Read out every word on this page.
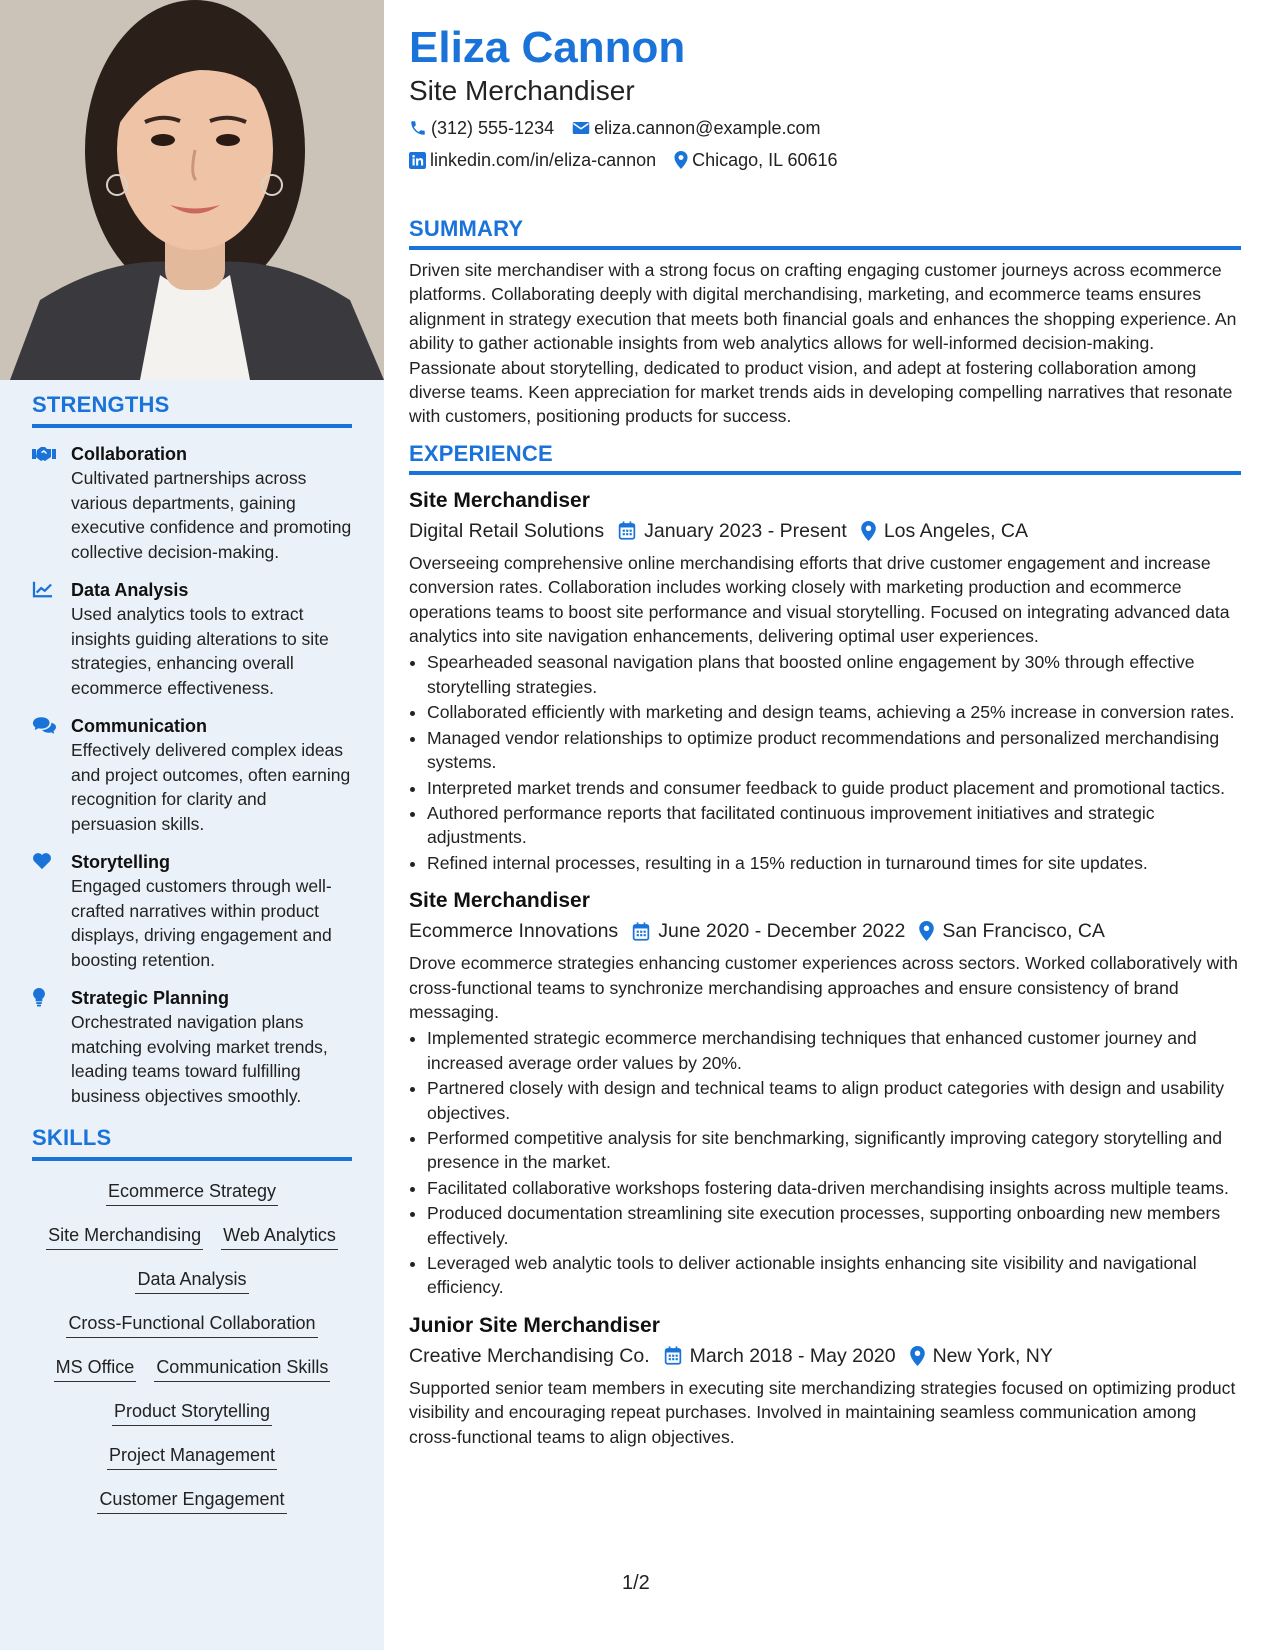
STRENGTHS
Collaboration
Cultivated partnerships across various departments, gaining executive confidence and promoting collective decision-making.
Data Analysis
Used analytics tools to extract insights guiding alterations to site strategies, enhancing overall ecommerce effectiveness.
Communication
Effectively delivered complex ideas and project outcomes, often earning recognition for clarity and persuasion skills.
Storytelling
Engaged customers through well-crafted narratives within product displays, driving engagement and boosting retention.
Strategic Planning
Orchestrated navigation plans matching evolving market trends, leading teams toward fulfilling business objectives smoothly.
SKILLS
Ecommerce Strategy
Site Merchandising Web Analytics
Data Analysis
Cross-Functional Collaboration
MS Office Communication Skills
Product Storytelling
Project Management
Customer Engagement
Eliza Cannon
Site Merchandiser
(312) 555-1234 eliza.cannon@example.com
linkedin.com/in/eliza-cannon Chicago, IL 60616
SUMMARY
Driven site merchandiser with a strong focus on crafting engaging customer journeys across ecommerce platforms. Collaborating deeply with digital merchandising, marketing, and ecommerce teams ensures alignment in strategy execution that meets both financial goals and enhances the shopping experience. An ability to gather actionable insights from web analytics allows for well-informed decision-making. Passionate about storytelling, dedicated to product vision, and adept at fostering collaboration among diverse teams. Keen appreciation for market trends aids in developing compelling narratives that resonate with customers, positioning products for success.
EXPERIENCE
Site Merchandiser
Digital Retail Solutions January 2023 - Present Los Angeles, CA
Overseeing comprehensive online merchandising efforts that drive customer engagement and increase conversion rates. Collaboration includes working closely with marketing production and ecommerce operations teams to boost site performance and visual storytelling. Focused on integrating advanced data analytics into site navigation enhancements, delivering optimal user experiences.
• Spearheaded seasonal navigation plans that boosted online engagement by 30% through effective storytelling strategies.
• Collaborated efficiently with marketing and design teams, achieving a 25% increase in conversion rates.
• Managed vendor relationships to optimize product recommendations and personalized merchandising systems.
• Interpreted market trends and consumer feedback to guide product placement and promotional tactics.
• Authored performance reports that facilitated continuous improvement initiatives and strategic adjustments.
• Refined internal processes, resulting in a 15% reduction in turnaround times for site updates.
Site Merchandiser
Ecommerce Innovations June 2020 - December 2022 San Francisco, CA
Drove ecommerce strategies enhancing customer experiences across sectors. Worked collaboratively with cross-functional teams to synchronize merchandising approaches and ensure consistency of brand messaging.
• Implemented strategic ecommerce merchandising techniques that enhanced customer journey and increased average order values by 20%.
• Partnered closely with design and technical teams to align product categories with design and usability objectives.
• Performed competitive analysis for site benchmarking, significantly improving category storytelling and presence in the market.
• Facilitated collaborative workshops fostering data-driven merchandising insights across multiple teams.
• Produced documentation streamlining site execution processes, supporting onboarding new members effectively.
• Leveraged web analytic tools to deliver actionable insights enhancing site visibility and navigational efficiency.
Junior Site Merchandiser
Creative Merchandising Co. March 2018 - May 2020 New York, NY
Supported senior team members in executing site merchandizing strategies focused on optimizing product visibility and encouraging repeat purchases. Involved in maintaining seamless communication among cross-functional teams to align objectives.
1/2
